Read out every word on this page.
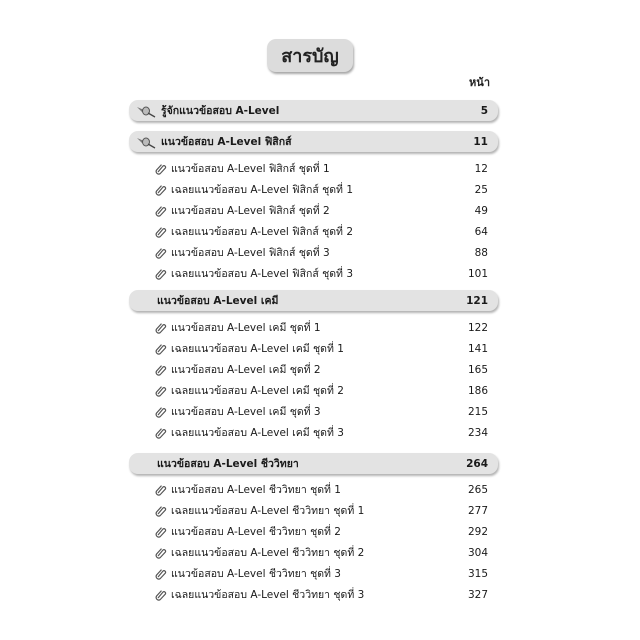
สารบัญ
หน้า
รู้จักแนวข้อสอบ A-Level	5
แนวข้อสอบ A-Level ฟิสิกส์	11
แนวข้อสอบ A-Level ฟิสิกส์ ชุดที่ 1	12
เฉลยแนวข้อสอบ A-Level ฟิสิกส์ ชุดที่ 1	25
แนวข้อสอบ A-Level ฟิสิกส์ ชุดที่ 2	49
เฉลยแนวข้อสอบ A-Level ฟิสิกส์ ชุดที่ 2	64
แนวข้อสอบ A-Level ฟิสิกส์ ชุดที่ 3	88
เฉลยแนวข้อสอบ A-Level ฟิสิกส์ ชุดที่ 3	101
แนวข้อสอบ A-Level เคมี	121
แนวข้อสอบ A-Level เคมี ชุดที่ 1	122
เฉลยแนวข้อสอบ A-Level เคมี ชุดที่ 1	141
แนวข้อสอบ A-Level เคมี ชุดที่ 2	165
เฉลยแนวข้อสอบ A-Level เคมี ชุดที่ 2	186
แนวข้อสอบ A-Level เคมี ชุดที่ 3	215
เฉลยแนวข้อสอบ A-Level เคมี ชุดที่ 3	234
แนวข้อสอบ A-Level ชีววิทยา	264
แนวข้อสอบ A-Level ชีววิทยา ชุดที่ 1	265
เฉลยแนวข้อสอบ A-Level ชีววิทยา ชุดที่ 1	277
แนวข้อสอบ A-Level ชีววิทยา ชุดที่ 2	292
เฉลยแนวข้อสอบ A-Level ชีววิทยา ชุดที่ 2	304
แนวข้อสอบ A-Level ชีววิทยา ชุดที่ 3	315
เฉลยแนวข้อสอบ A-Level ชีววิทยา ชุดที่ 3	327
